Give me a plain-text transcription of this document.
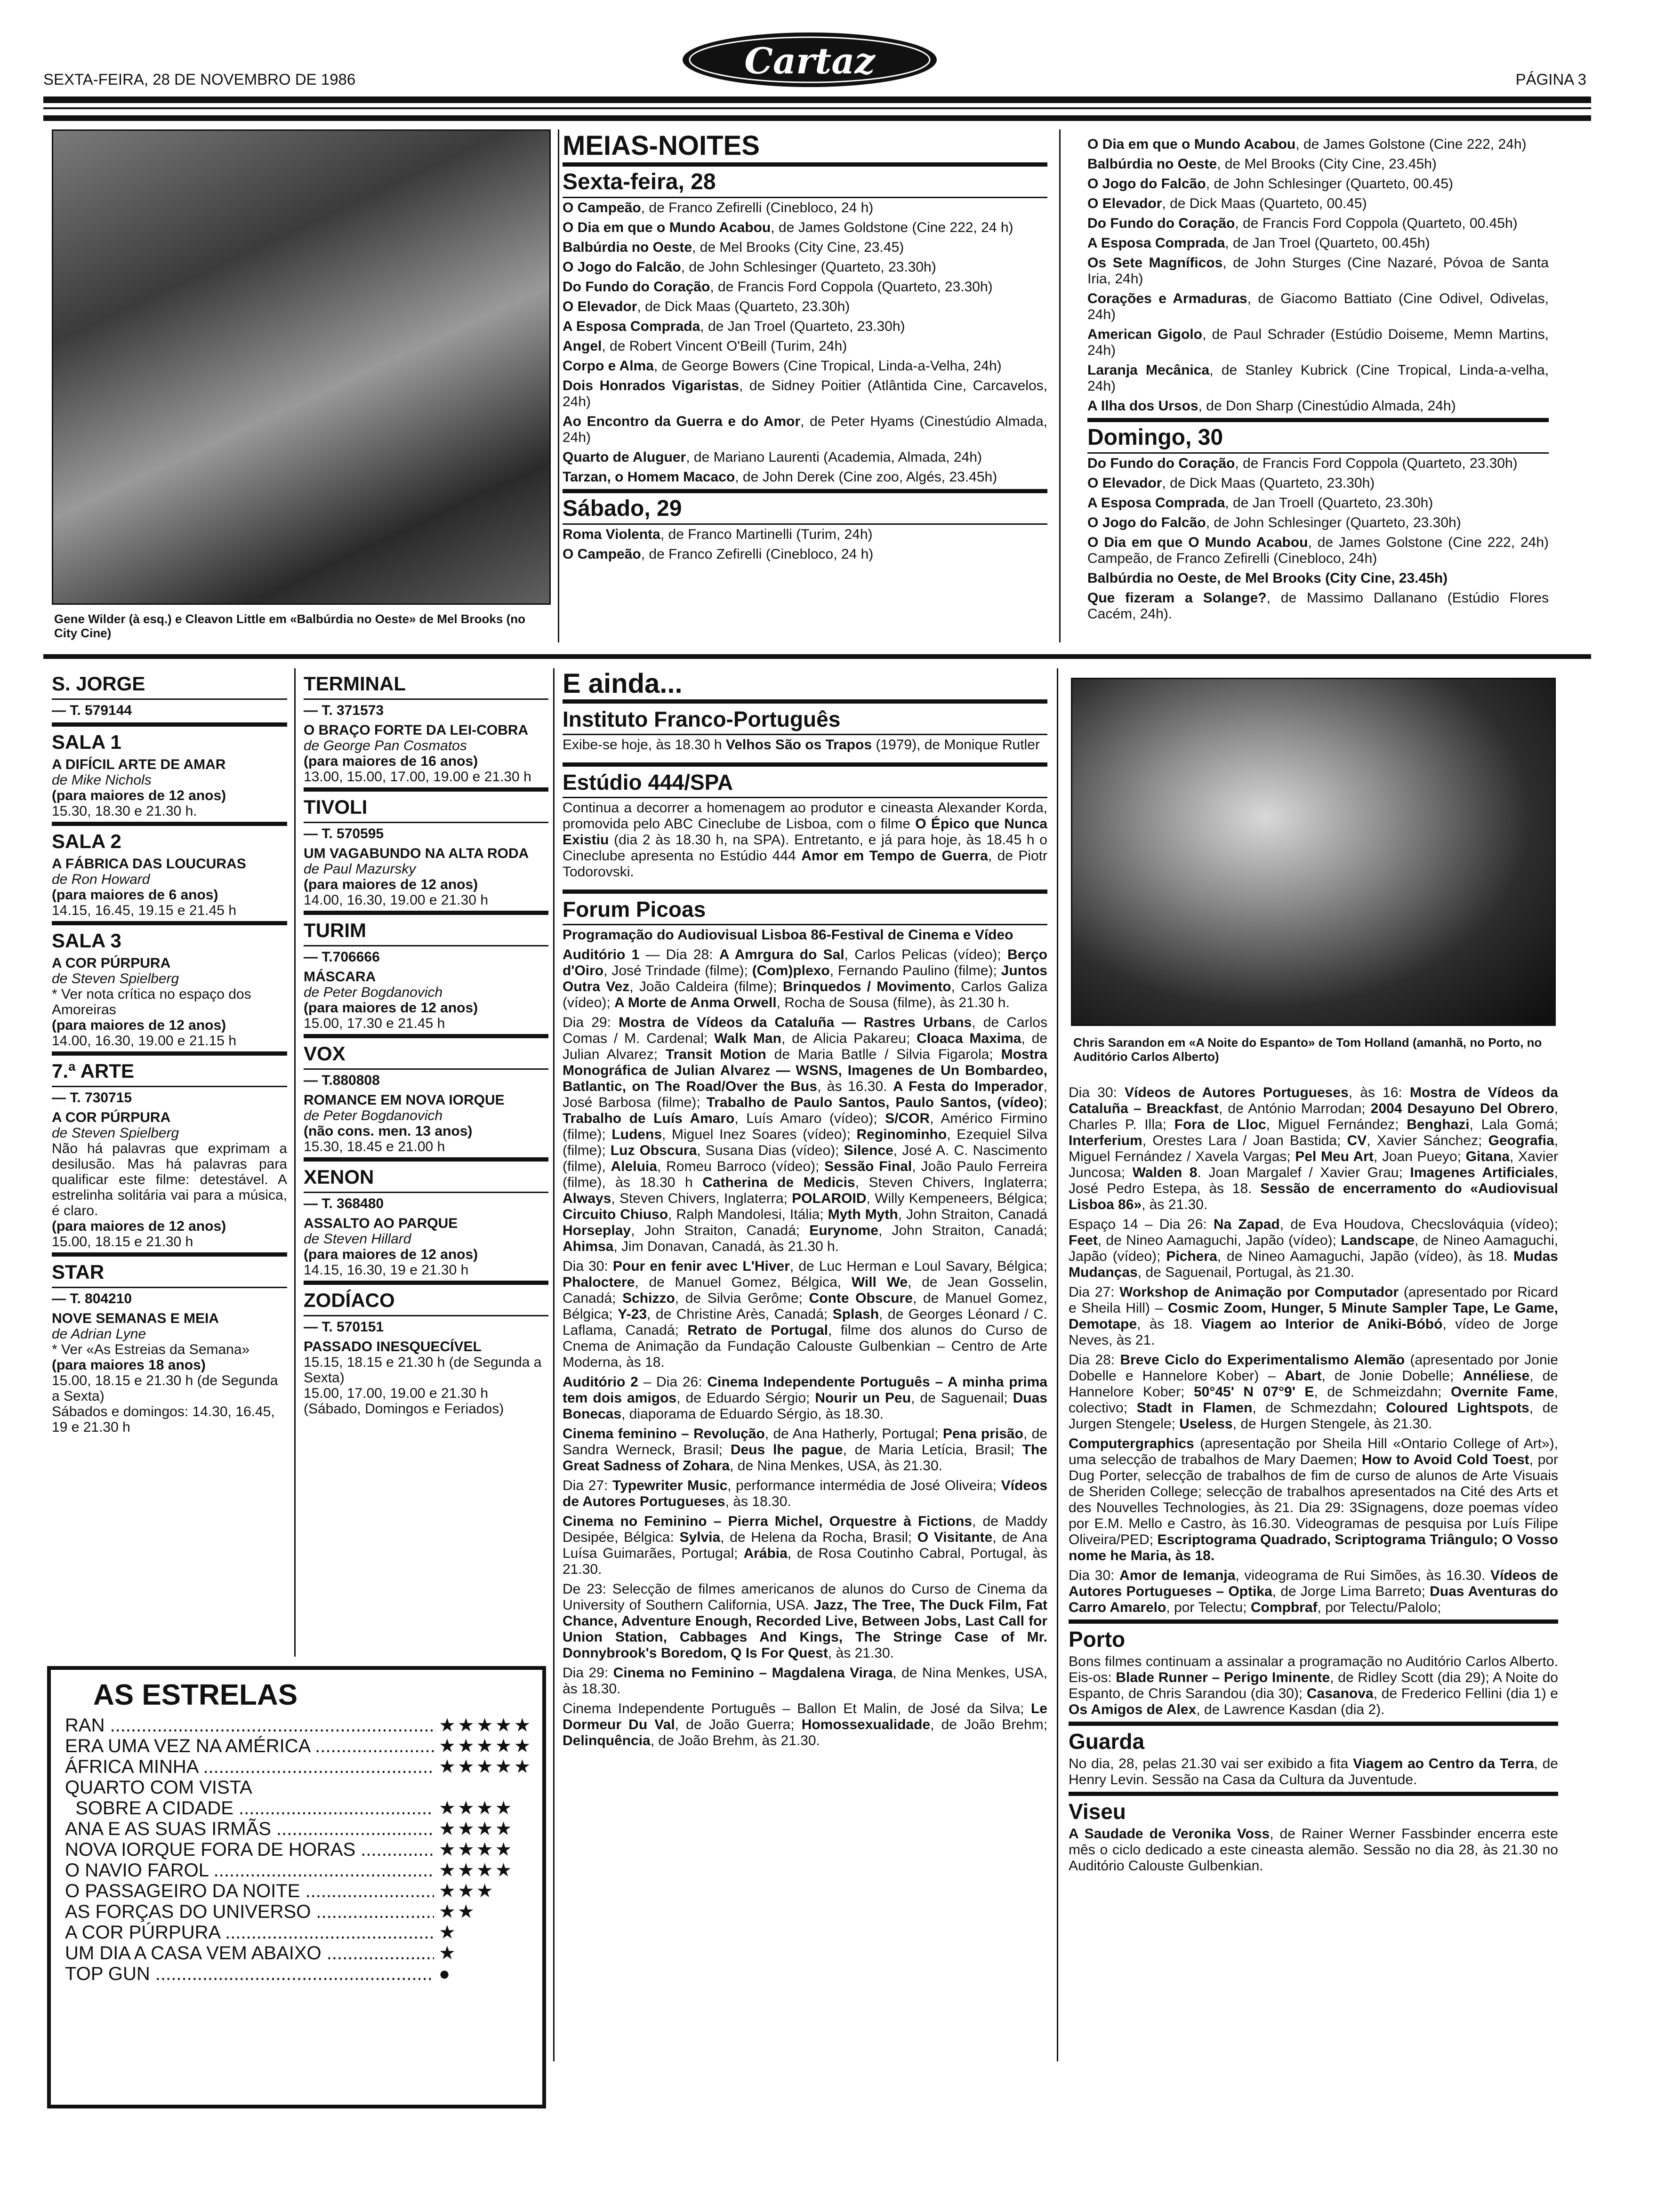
SEXTA-FEIRA, 28 DE NOVEMBRO DE 1986	Cartaz	PÁGINA 3
Gene Wilder (à esq.) e Cleavon Little em «Balbúrdia no Oeste» de Mel Brooks (no City Cine)
MEIAS-NOITES
Sexta-feira, 28

O Campeão, de Franco Zefirelli (Cinebloco, 24 h)

O Dia em que o Mundo Acabou, de James Goldstone (Cine 222, 24 h)

Balbúrdia no Oeste, de Mel Brooks (City Cine, 23.45)

O Jogo do Falcão, de John Schlesinger (Quarteto, 23.30h)

Do Fundo do Coração, de Francis Ford Coppola (Quarteto, 23.30h)

O Elevador, de Dick Maas (Quarteto, 23.30h)

A Esposa Comprada, de Jan Troel (Quarteto, 23.30h)

Angel, de Robert Vincent O'Beill (Turim, 24h)

Corpo e Alma, de George Bowers (Cine Tropical, Linda-a-Velha, 24h)

Dois Honrados Vigaristas, de Sidney Poitier (Atlântida Cine, Carcavelos, 24h)

Ao Encontro da Guerra e do Amor, de Peter Hyams (Cinestúdio Almada, 24h)

Quarto de Aluguer, de Mariano Laurenti (Academia, Almada, 24h)

Tarzan, o Homem Macaco, de John Derek (Cine zoo, Algés, 23.45h)

Sábado, 29

Roma Violenta, de Franco Martinelli (Turim, 24h)

O Campeão, de Franco Zefirelli (Cinebloco, 24 h)

O Dia em que o Mundo Acabou, de James Golstone (Cine 222, 24h)

Balbúrdia no Oeste, de Mel Brooks (City Cine, 23.45h)

O Jogo do Falcão, de John Schlesinger (Quarteto, 00.45)

O Elevador, de Dick Maas (Quarteto, 00.45)

Do Fundo do Coração, de Francis Ford Coppola (Quarteto, 00.45h)

A Esposa Comprada, de Jan Troel (Quarteto, 00.45h)

Os Sete Magníficos, de John Sturges (Cine Nazaré, Póvoa de Santa Iria, 24h)

Corações e Armaduras, de Giacomo Battiato (Cine Odivel, Odivelas, 24h)

American Gigolo, de Paul Schrader (Estúdio Doiseme, Memn Martins, 24h)

Laranja Mecânica, de Stanley Kubrick (Cine Tropical, Linda-a-velha, 24h)

A Ilha dos Ursos, de Don Sharp (Cinestúdio Almada, 24h)

Domingo, 30

Do Fundo do Coração, de Francis Ford Coppola (Quarteto, 23.30h)

O Elevador, de Dick Maas (Quarteto, 23.30h)

A Esposa Comprada, de Jan Troell (Quarteto, 23.30h)

O Jogo do Falcão, de John Schlesinger (Quarteto, 23.30h)

O Dia em que O Mundo Acabou, de James Golstone (Cine 222, 24h) Campeão, de Franco Zefirelli (Cinebloco, 24h)

Balbúrdia no Oeste, de Mel Brooks (City Cine, 23.45h)

Que fizeram a Solange?, de Massimo Dallanano (Estúdio Flores Cacém, 24h).

S. JORGE
— T. 579144
SALA 1
A DIFÍCIL ARTE DE AMAR
de Mike Nichols
(para maiores de 12 anos)
15.30, 18.30 e 21.30 h.
SALA 2
A FÁBRICA DAS LOUCURAS
de Ron Howard
(para maiores de 6 anos)
14.15, 16.45, 19.15 e 21.45 h
SALA 3
A COR PÚRPURA
de Steven Spielberg
* Ver nota crítica no espaço dos Amoreiras
(para maiores de 12 anos)
14.00, 16.30, 19.00 e 21.15 h
7.ª ARTE
— T. 730715
A COR PÚRPURA
de Steven Spielberg
Não há palavras que exprimam a desilusão. Mas há palavras para qualificar este filme: detestável. A estrelinha solitária vai para a música, é claro.
(para maiores de 12 anos)
15.00, 18.15 e 21.30 h
STAR
— T. 804210
NOVE SEMANAS E MEIA
de Adrian Lyne
* Ver «As Estreias da Semana»
(para maiores 18 anos)
15.00, 18.15 e 21.30 h (de Segunda a Sexta)
Sábados e domingos: 14.30, 16.45, 19 e 21.30 h
TERMINAL
— T. 371573
O BRAÇO FORTE DA LEI-COBRA
de George Pan Cosmatos
(para maiores de 16 anos)
13.00, 15.00, 17.00, 19.00 e 21.30 h
TIVOLI
— T. 570595
UM VAGABUNDO NA ALTA RODA
de Paul Mazursky
(para maiores de 12 anos)
14.00, 16.30, 19.00 e 21.30 h
TURIM
— T.706666
MÁSCARA
de Peter Bogdanovich
(para maiores de 12 anos)
15.00, 17.30 e 21.45 h
VOX
— T.880808
ROMANCE EM NOVA IORQUE
de Peter Bogdanovich
(não cons. men. 13 anos)
15.30, 18.45 e 21.00 h
XENON
— T. 368480
ASSALTO AO PARQUE
de Steven Hillard
(para maiores de 12 anos)
14.15, 16.30, 19 e 21.30 h
ZODÍACO
— T. 570151
PASSADO INESQUECÍVEL
15.15, 18.15 e 21.30 h (de Segunda a Sexta)
15.00, 17.00, 19.00 e 21.30 h (Sábado, Domingos e Feriados)
AS ESTRELAS
RAN .....	★★★★★
ERA UMA VEZ NA AMÉRICA .....	★★★★★
ÁFRICA MINHA .....	★★★★★
QUARTO COM VISTA
SOBRE A CIDADE .....	★★★★
ANA E AS SUAS IRMÃS .....	★★★★
NOVA IORQUE FORA DE HORAS .....	★★★★
O NAVIO FAROL .....	★★★★
O PASSAGEIRO DA NOITE .....	★★★
AS FORÇAS DO UNIVERSO .....	★★
A COR PÚRPURA .....	★
UM DIA A CASA VEM ABAIXO .....	★
TOP GUN .....	●
E ainda...
Instituto Franco-Português

Exibe-se hoje, às 18.30 h Velhos São os Trapos (1979), de Monique Rutler

Estúdio 444/SPA

Continua a decorrer a homenagem ao produtor e cineasta Alexander Korda, promovida pelo ABC Cineclube de Lisboa, com o filme O Épico que Nunca Existiu (dia 2 às 18.30 h, na SPA). Entretanto, e já para hoje, às 18.45 h o Cineclube apresenta no Estúdio 444 Amor em Tempo de Guerra, de Piotr Todorovski.

Forum Picoas

Programação do Audiovisual Lisboa 86-Festival de Cinema e Vídeo

Auditório 1 — Dia 28: A Amrgura do Sal, Carlos Pelicas (vídeo); Berço d'Oiro, José Trindade (filme); (Com)plexo, Fernando Paulino (filme); Juntos Outra Vez, João Caldeira (filme); Brinquedos / Movimento, Carlos Galiza (vídeo); A Morte de Anma Orwell, Rocha de Sousa (filme), às 21.30 h.

Dia 29: Mostra de Vídeos da Cataluña — Rastres Urbans, de Carlos Comas / M. Cardenal; Walk Man, de Alicia Pakareu; Cloaca Maxima, de Julian Alvarez; Transit Motion de Maria Batlle / Silvia Figarola; Mostra Monográfica de Julian Alvarez — WSNS, Imagenes de Un Bombardeo, Batlantic, on The Road/Over the Bus, às 16.30. A Festa do Imperador, José Barbosa (filme); Trabalho de Paulo Santos, Paulo Santos, (vídeo); Trabalho de Luís Amaro, Luís Amaro (vídeo); S/COR, Américo Firmino (filme); Ludens, Miguel Inez Soares (vídeo); Reginominho, Ezequiel Silva (filme); Luz Obscura, Susana Dias (vídeo); Silence, José A. C. Nascimento (filme), Aleluia, Romeu Barroco (vídeo); Sessão Final, João Paulo Ferreira (filme), às 18.30 h Catherina de Medicis, Steven Chivers, Inglaterra; Always, Steven Chivers, Inglaterra; POLAROID, Willy Kempeneers, Bélgica; Circuito Chiuso, Ralph Mandolesi, Itália; Myth Myth, John Straiton, Canadá Horseplay, John Straiton, Canadá; Eurynome, John Straiton, Canadá; Ahimsa, Jim Donavan, Canadá, às 21.30 h.

Dia 30: Pour en fenir avec L'Hiver, de Luc Herman e Loul Savary, Bélgica; Phaloctere, de Manuel Gomez, Bélgica, Will We, de Jean Gosselin, Canadá; Schizzo, de Silvia Gerôme; Conte Obscure, de Manuel Gomez, Bélgica; Y-23, de Christine Arès, Canadá; Splash, de Georges Léonard / C. Laflama, Canadá; Retrato de Portugal, filme dos alunos do Curso de Cnema de Animação da Fundação Calouste Gulbenkian – Centro de Arte Moderna, às 18.

Auditório 2 – Dia 26: Cinema Independente Português – A minha prima tem dois amigos, de Eduardo Sérgio; Nourir un Peu, de Saguenail; Duas Bonecas, diaporama de Eduardo Sérgio, às 18.30.

Cinema feminino – Revolução, de Ana Hatherly, Portugal; Pena prisão, de Sandra Werneck, Brasil; Deus lhe pague, de Maria Letícia, Brasil; The Great Sadness of Zohara, de Nina Menkes, USA, às 21.30.

Dia 27: Typewriter Music, performance intermédia de José Oliveira; Vídeos de Autores Portugueses, às 18.30.

Cinema no Feminino – Pierra Michel, Orquestre à Fictions, de Maddy Desipée, Bélgica: Sylvia, de Helena da Rocha, Brasil; O Visitante, de Ana Luísa Guimarães, Portugal; Arábia, de Rosa Coutinho Cabral, Portugal, às 21.30.

De 23: Selecção de filmes americanos de alunos do Curso de Cinema da University of Southern California, USA. Jazz, The Tree, The Duck Film, Fat Chance, Adventure Enough, Recorded Live, Between Jobs, Last Call for Union Station, Cabbages And Kings, The Stringe Case of Mr. Donnybrook's Boredom, Q Is For Quest, às 21.30.

Dia 29: Cinema no Feminino – Magdalena Viraga, de Nina Menkes, USA, às 18.30.

Cinema Independente Português – Ballon Et Malin, de José da Silva; Le Dormeur Du Val, de João Guerra; Homossexualidade, de João Brehm; Delinquência, de João Brehm, às 21.30.

Chris Sarandon em «A Noite do Espanto» de Tom Holland (amanhã, no Porto, no Auditório Carlos Alberto)

Dia 30: Vídeos de Autores Portugueses, às 16: Mostra de Vídeos da Cataluña – Breackfast, de António Marrodan; 2004 Desayuno Del Obrero, Charles P. Illa; Fora de Lloc, Miguel Fernández; Benghazi, Lala Gomá; Interferium, Orestes Lara / Joan Bastida; CV, Xavier Sánchez; Geografia, Miguel Fernández / Xavela Vargas; Pel Meu Art, Joan Pueyo; Gitana, Xavier Juncosa; Walden 8. Joan Margalef / Xavier Grau; Imagenes Artificiales, José Pedro Estepa, às 18. Sessão de encerramento do «Audiovisual Lisboa 86», às 21.30.

Espaço 14 – Dia 26: Na Zapad, de Eva Houdova, Checslováquia (vídeo); Feet, de Nineo Aamaguchi, Japão (vídeo); Landscape, de Nineo Aamaguchi, Japão (vídeo); Pichera, de Nineo Aamaguchi, Japão (vídeo), às 18. Mudas Mudanças, de Saguenail, Portugal, às 21.30.

Dia 27: Workshop de Animação por Computador (apresentado por Ricard e Sheila Hill) – Cosmic Zoom, Hunger, 5 Minute Sampler Tape, Le Game, Demotape, às 18. Viagem ao Interior de Aniki-Bóbó, vídeo de Jorge Neves, às 21.

Dia 28: Breve Ciclo do Experimentalismo Alemão (apresentado por Jonie Dobelle e Hannelore Kober) – Abart, de Jonie Dobelle; Annéliese, de Hannelore Kober; 50°45' N 07°9' E, de Schmeizdahn; Overnite Fame, colectivo; Stadt in Flamen, de Schmezdahn; Coloured Lightspots, de Jurgen Stengele; Useless, de Hurgen Stengele, às 21.30.

Computergraphics (apresentação por Sheila Hill «Ontario College of Art»), uma selecção de trabalhos de Mary Daemen; How to Avoid Cold Toest, por Dug Porter, selecção de trabalhos de fim de curso de alunos de Arte Visuais de Sheriden College; selecção de trabalhos apresentados na Cité des Arts et des Nouvelles Technologies, às 21. Dia 29: 3Signagens, doze poemas vídeo por E.M. Mello e Castro, às 16.30. Videogramas de pesquisa por Luís Filipe Oliveira/PED; Escriptograma Quadrado, Scriptograma Triângulo; O Vosso nome he Maria, às 18.

Dia 30: Amor de Iemanja, videograma de Rui Simões, às 16.30. Vídeos de Autores Portugueses – Optika, de Jorge Lima Barreto; Duas Aventuras do Carro Amarelo, por Telectu; Compbraf, por Telectu/Palolo;

Porto

Bons filmes continuam a assinalar a programação no Auditório Carlos Alberto. Eis-os: Blade Runner – Perigo Iminente, de Ridley Scott (dia 29); A Noite do Espanto, de Chris Sarandou (dia 30); Casanova, de Frederico Fellini (dia 1) e Os Amigos de Alex, de Lawrence Kasdan (dia 2).

Guarda

No dia, 28, pelas 21.30 vai ser exibido a fita Viagem ao Centro da Terra, de Henry Levin. Sessão na Casa da Cultura da Juventude.

Viseu

A Saudade de Veronika Voss, de Rainer Werner Fassbinder encerra este mês o ciclo dedicado a este cineasta alemão. Sessão no dia 28, às 21.30 no Auditório Calouste Gulbenkian.
